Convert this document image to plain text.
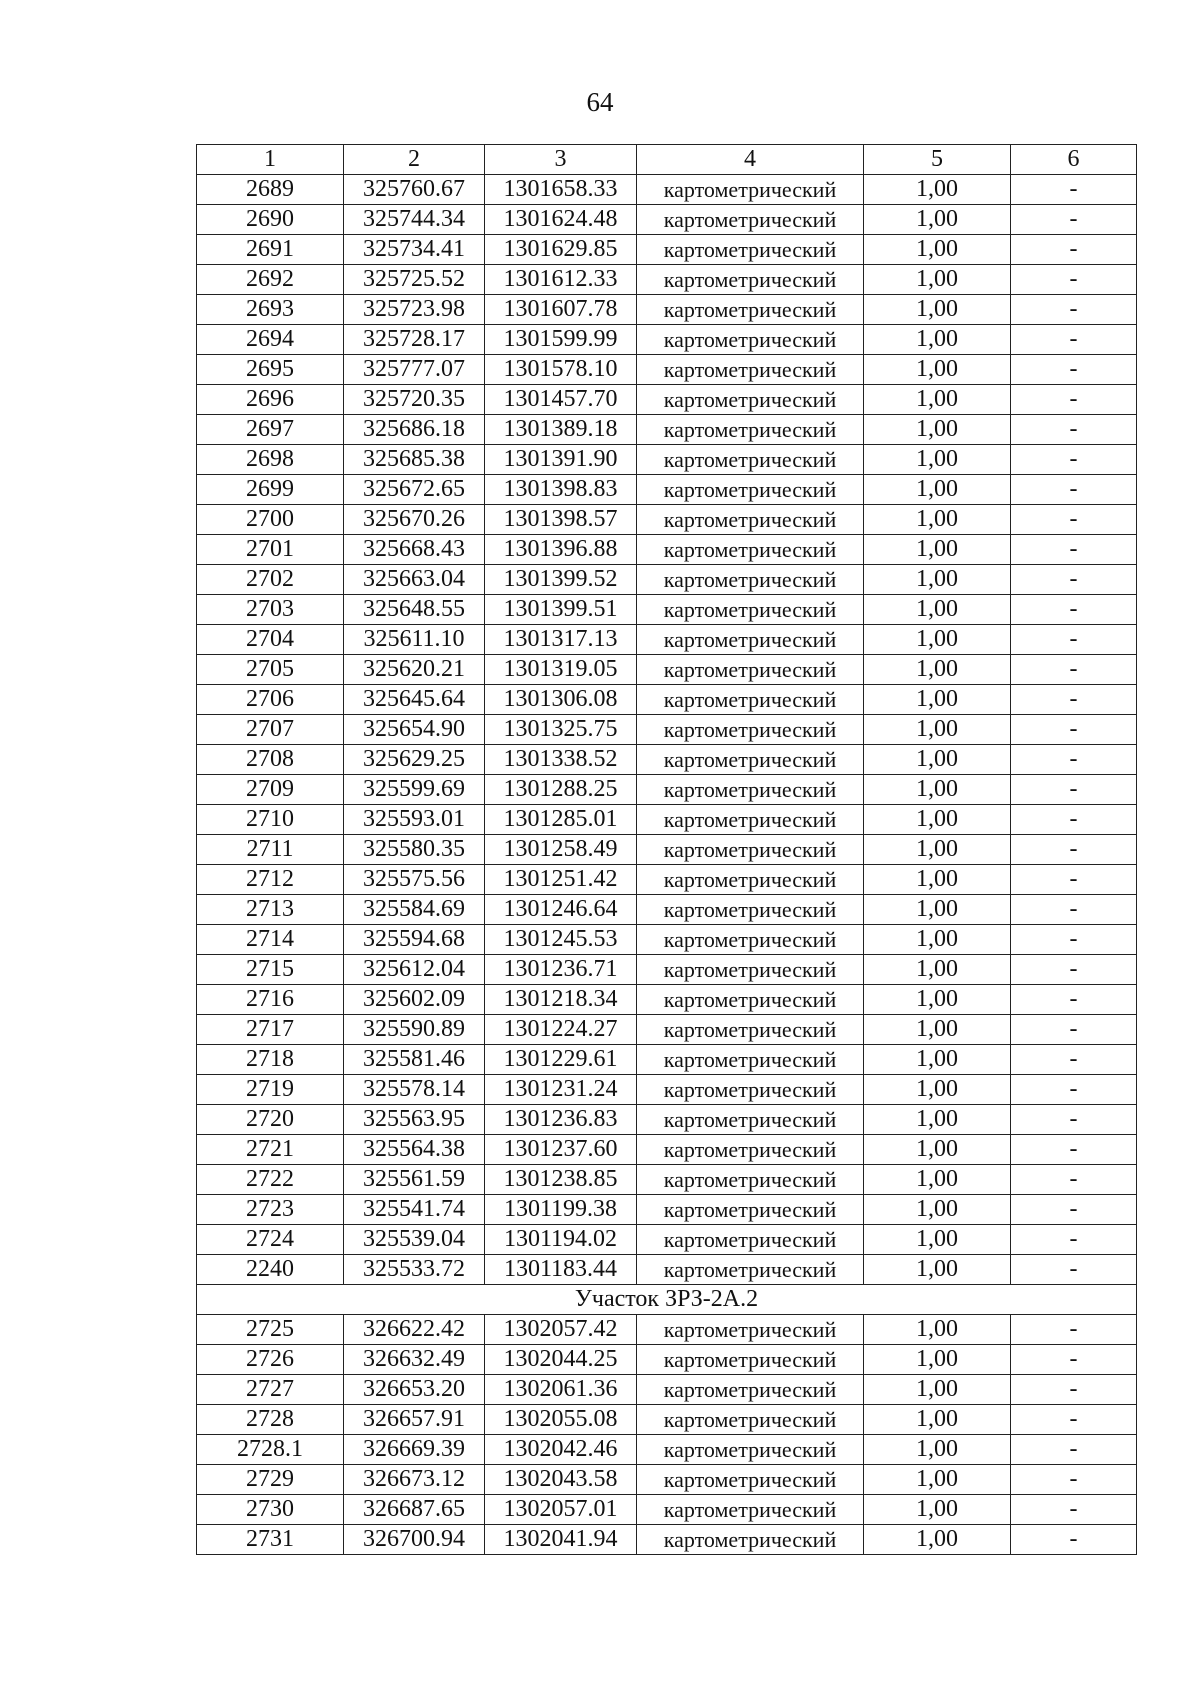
64
1	2	3	4	5	6
2689	325760.67	1301658.33	картометрический	1,00	-
2690	325744.34	1301624.48	картометрический	1,00	-
2691	325734.41	1301629.85	картометрический	1,00	-
2692	325725.52	1301612.33	картометрический	1,00	-
2693	325723.98	1301607.78	картометрический	1,00	-
2694	325728.17	1301599.99	картометрический	1,00	-
2695	325777.07	1301578.10	картометрический	1,00	-
2696	325720.35	1301457.70	картометрический	1,00	-
2697	325686.18	1301389.18	картометрический	1,00	-
2698	325685.38	1301391.90	картометрический	1,00	-
2699	325672.65	1301398.83	картометрический	1,00	-
2700	325670.26	1301398.57	картометрический	1,00	-
2701	325668.43	1301396.88	картометрический	1,00	-
2702	325663.04	1301399.52	картометрический	1,00	-
2703	325648.55	1301399.51	картометрический	1,00	-
2704	325611.10	1301317.13	картометрический	1,00	-
2705	325620.21	1301319.05	картометрический	1,00	-
2706	325645.64	1301306.08	картометрический	1,00	-
2707	325654.90	1301325.75	картометрический	1,00	-
2708	325629.25	1301338.52	картометрический	1,00	-
2709	325599.69	1301288.25	картометрический	1,00	-
2710	325593.01	1301285.01	картометрический	1,00	-
2711	325580.35	1301258.49	картометрический	1,00	-
2712	325575.56	1301251.42	картометрический	1,00	-
2713	325584.69	1301246.64	картометрический	1,00	-
2714	325594.68	1301245.53	картометрический	1,00	-
2715	325612.04	1301236.71	картометрический	1,00	-
2716	325602.09	1301218.34	картометрический	1,00	-
2717	325590.89	1301224.27	картометрический	1,00	-
2718	325581.46	1301229.61	картометрический	1,00	-
2719	325578.14	1301231.24	картометрический	1,00	-
2720	325563.95	1301236.83	картометрический	1,00	-
2721	325564.38	1301237.60	картометрический	1,00	-
2722	325561.59	1301238.85	картометрический	1,00	-
2723	325541.74	1301199.38	картометрический	1,00	-
2724	325539.04	1301194.02	картометрический	1,00	-
2240	325533.72	1301183.44	картометрический	1,00	-
Участок ЗРЗ-2А.2					
2725	326622.42	1302057.42	картометрический	1,00	-
2726	326632.49	1302044.25	картометрический	1,00	-
2727	326653.20	1302061.36	картометрический	1,00	-
2728	326657.91	1302055.08	картометрический	1,00	-
2728.1	326669.39	1302042.46	картометрический	1,00	-
2729	326673.12	1302043.58	картометрический	1,00	-
2730	326687.65	1302057.01	картометрический	1,00	-
2731	326700.94	1302041.94	картометрический	1,00	-
